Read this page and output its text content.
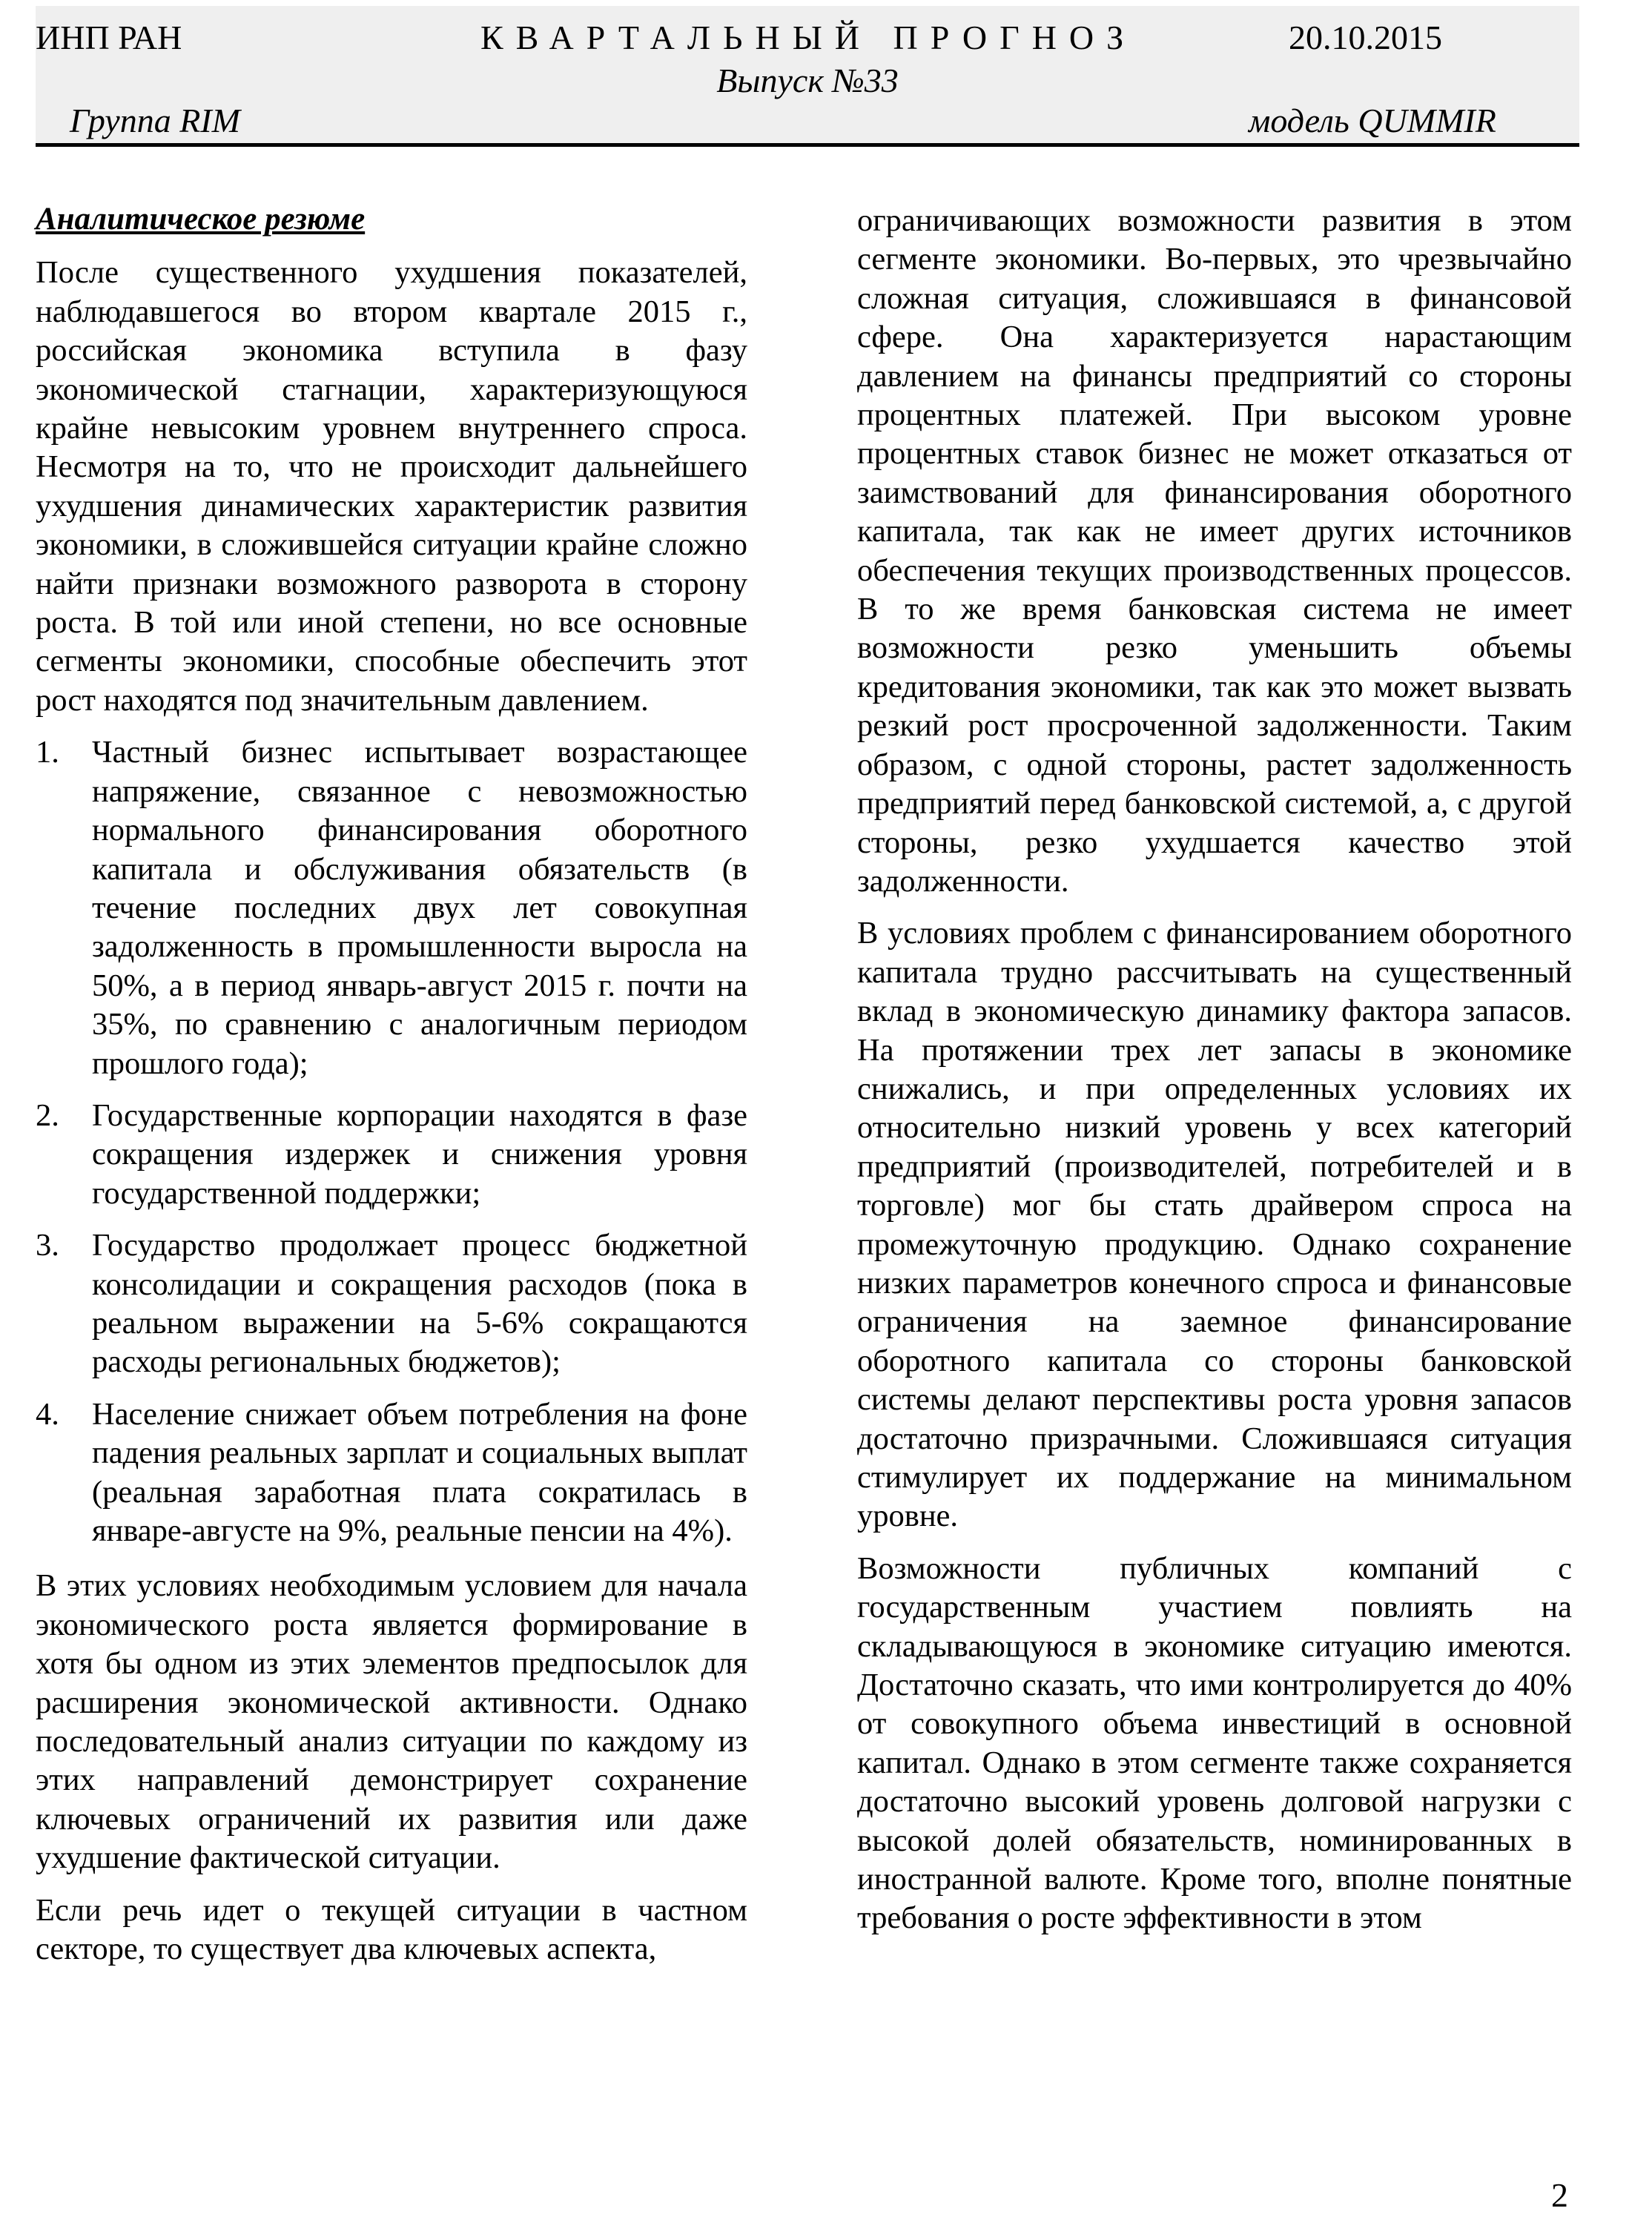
ИНП РАН	КВАРТАЛЬНЫЙ ПРОГНОЗ	20.10.2015
Выпуск №33
Группа RIM	модель QUMMIR
Аналитическое резюме

После существенного ухудшения показателей, наблюдавшегося во втором квартале 2015 г., российская экономика вступила в фазу экономической стагнации, характеризующуюся крайне невысоким уровнем внутреннего спроса. Несмотря на то, что не происходит дальнейшего ухудшения динамических характеристик развития экономики, в сложившейся ситуации крайне сложно найти признаки возможного разворота в сторону роста. В той или иной степени, но все основные сегменты экономики, способные обеспечить этот рост находятся под значительным давлением.

1. Частный бизнес испытывает возрастающее напряжение, связанное с невозможностью нормального финансирования оборотного капитала и обслуживания обязательств (в течение последних двух лет совокупная задолженность в промышленности выросла на 50%, а в период январь-август 2015 г. почти на 35%, по сравнению с аналогичным периодом прошлого года);
2. Государственные корпорации находятся в фазе сокращения издержек и снижения уровня государственной поддержки;
3. Государство продолжает процесс бюджетной консолидации и сокращения расходов (пока в реальном выражении на 5-6% сокращаются расходы региональных бюджетов);
4. Население снижает объем потребления на фоне падения реальных зарплат и социальных выплат (реальная заработная плата сократилась в январе-августе на 9%, реальные пенсии на 4%).

В этих условиях необходимым условием для начала экономического роста является формирование в хотя бы одном из этих элементов предпосылок для расширения экономической активности. Однако последовательный анализ ситуации по каждому из этих направлений демонстрирует сохранение ключевых ограничений их развития или даже ухудшение фактической ситуации.

Если речь идет о текущей ситуации в частном секторе, то существует два ключевых аспекта,

ограничивающих возможности развития в этом сегменте экономики. Во-первых, это чрезвычайно сложная ситуация, сложившаяся в финансовой сфере. Она характеризуется нарастающим давлением на финансы предприятий со стороны процентных платежей. При высоком уровне процентных ставок бизнес не может отказаться от заимствований для финансирования оборотного капитала, так как не имеет других источников обеспечения текущих производственных процессов. В то же время банковская система не имеет возможности резко уменьшить объемы кредитования экономики, так как это может вызвать резкий рост просроченной задолженности. Таким образом, с одной стороны, растет задолженность предприятий перед банковской системой, а, с другой стороны, резко ухудшается качество этой задолженности.

В условиях проблем с финансированием оборотного капитала трудно рассчитывать на существенный вклад в экономическую динамику фактора запасов. На протяжении трех лет запасы в экономике снижались, и при определенных условиях их относительно низкий уровень у всех категорий предприятий (производителей, потребителей и в торговле) мог бы стать драйвером спроса на промежуточную продукцию. Однако сохранение низких параметров конечного спроса и финансовые ограничения на заемное финансирование оборотного капитала со стороны банковской системы делают перспективы роста уровня запасов достаточно призрачными. Сложившаяся ситуация стимулирует их поддержание на минимальном уровне.

Возможности публичных компаний с государственным участием повлиять на складывающуюся в экономике ситуацию имеются. Достаточно сказать, что ими контролируется до 40% от совокупного объема инвестиций в основной капитал. Однако в этом сегменте также сохраняется достаточно высокий уровень долговой нагрузки с высокой долей обязательств, номинированных в иностранной валюте. Кроме того, вполне понятные требования о росте эффективности в этом

2
